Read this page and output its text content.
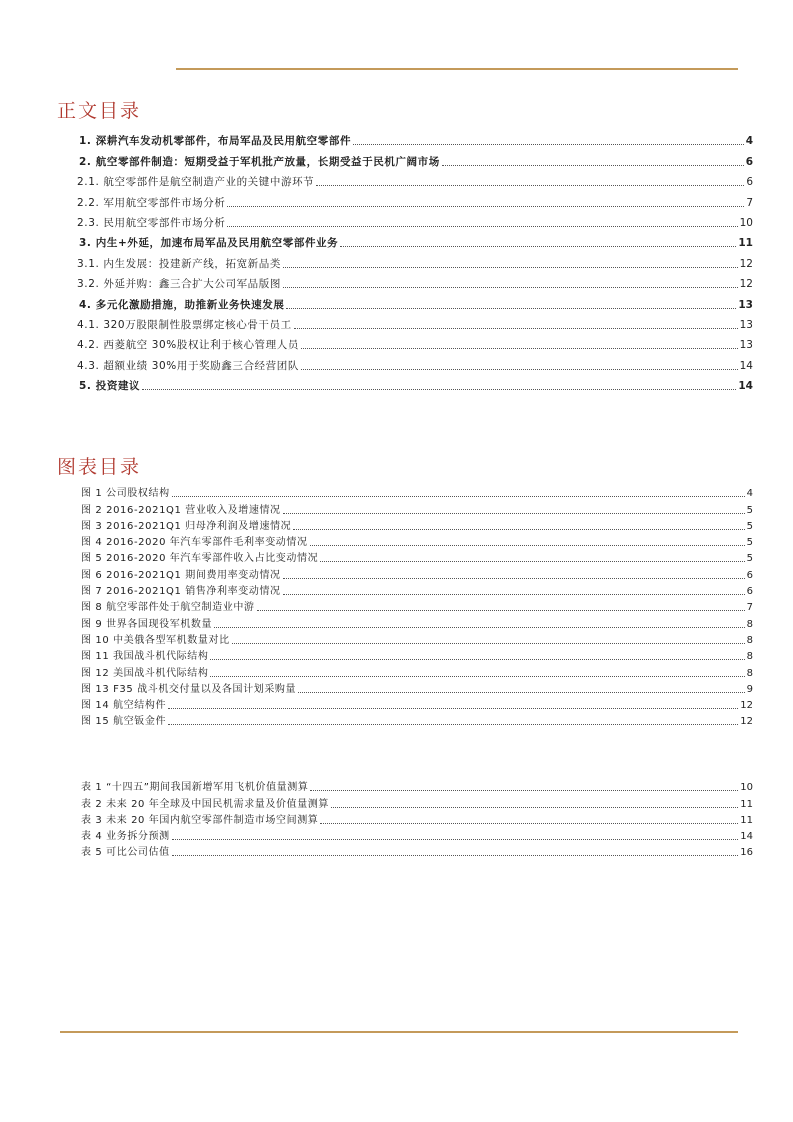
正文目录
1. 深耕汽车发动机零部件，布局军品及民用航空零部件	4
2. 航空零部件制造：短期受益于军机批产放量，长期受益于民机广阔市场	6
2.1. 航空零部件是航空制造产业的关键中游环节	6
2.2. 军用航空零部件市场分析	7
2.3. 民用航空零部件市场分析	10
3. 内生+外延，加速布局军品及民用航空零部件业务	11
3.1. 内生发展：投建新产线，拓宽新品类	12
3.2. 外延并购：鑫三合扩大公司军品版图	12
4. 多元化激励措施，助推新业务快速发展	13
4.1. 320万股限制性股票绑定核心骨干员工	13
4.2. 西菱航空 30%股权让利于核心管理人员	13
4.3. 超额业绩 30%用于奖励鑫三合经营团队	14
5. 投资建议	14
图表目录
图 1 公司股权结构	4
图 2 2016-2021Q1 营业收入及增速情况	5
图 3 2016-2021Q1 归母净利润及增速情况	5
图 4 2016-2020 年汽车零部件毛利率变动情况	5
图 5 2016-2020 年汽车零部件收入占比变动情况	5
图 6 2016-2021Q1 期间费用率变动情况	6
图 7 2016-2021Q1 销售净利率变动情况	6
图 8 航空零部件处于航空制造业中游	7
图 9 世界各国现役军机数量	8
图 10 中美俄各型军机数量对比	8
图 11 我国战斗机代际结构	8
图 12 美国战斗机代际结构	8
图 13 F35 战斗机交付量以及各国计划采购量	9
图 14 航空结构件	12
图 15 航空钣金件	12
表 1 “十四五”期间我国新增军用飞机价值量测算	10
表 2 未来 20 年全球及中国民机需求量及价值量测算	11
表 3 未来 20 年国内航空零部件制造市场空间测算	11
表 4 业务拆分预测	14
表 5 可比公司估值	16
